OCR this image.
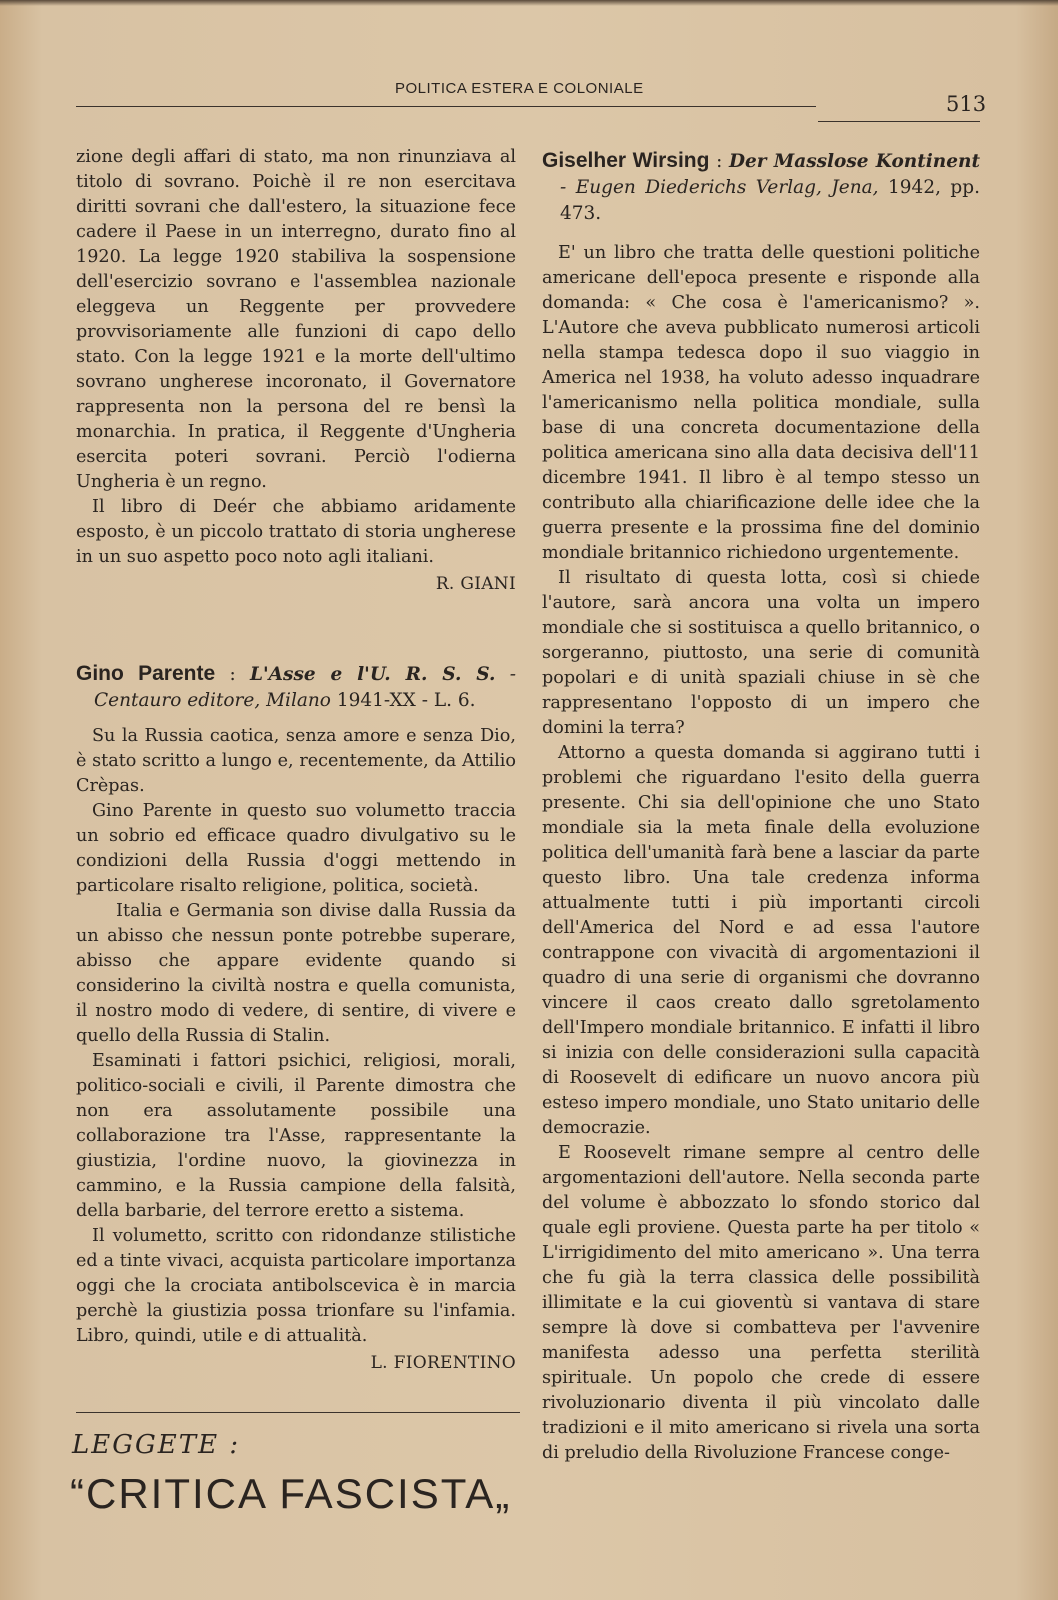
POLITICA ESTERA E COLONIALE
513

zione degli affari di stato, ma non rinunziava al titolo di sovrano. Poichè il re non esercitava diritti sovrani che dall'estero, la situazione fece cadere il Paese in un interregno, durato fino al 1920. La legge 1920 stabiliva la sospensione dell'esercizio sovrano e l'assemblea nazionale eleggeva un Reggente per provvedere provvisoriamente alle funzioni di capo dello stato. Con la legge 1921 e la morte dell'ultimo sovrano ungherese incoronato, il Governatore rappresenta non la persona del re bensì la monarchia. In pratica, il Reggente d'Ungheria esercita poteri sovrani. Perciò l'odierna Ungheria è un regno.

Il libro di Deér che abbiamo aridamente esposto, è un piccolo trattato di storia ungherese in un suo aspetto poco noto agli italiani.

R. GIANI

Gino Parente : L'Asse e l'U. R. S. S. - Centauro editore, Milano 1941-XX - L. 6.

Su la Russia caotica, senza amore e senza Dio, è stato scritto a lungo e, recentemente, da Attilio Crèpas.

Gino Parente in questo suo volumetto traccia un sobrio ed efficace quadro divulgativo su le condizioni della Russia d'oggi mettendo in particolare risalto religione, politica, società.

Italia e Germania son divise dalla Russia da un abisso che nessun ponte potrebbe superare, abisso che appare evidente quando si considerino la civiltà nostra e quella comunista, il nostro modo di vedere, di sentire, di vivere e quello della Russia di Stalin.

Esaminati i fattori psichici, religiosi, morali, politico-sociali e civili, il Parente dimostra che non era assolutamente possibile una collaborazione tra l'Asse, rappresentante la giustizia, l'ordine nuovo, la giovinezza in cammino, e la Russia campione della falsità, della barbarie, del terrore eretto a sistema.

Il volumetto, scritto con ridondanze stilistiche ed a tinte vivaci, acquista particolare importanza oggi che la crociata antibolscevica è in marcia perchè la giustizia possa trionfare su l'infamia. Libro, quindi, utile e di attualità.

L. FIORENTINO

Giselher Wirsing : Der Masslose Kontinent - Eugen Diederichs Verlag, Jena, 1942, pp. 473.

E' un libro che tratta delle questioni politiche americane dell'epoca presente e risponde alla domanda: « Che cosa è l'americanismo? ». L'Autore che aveva pubblicato numerosi articoli nella stampa tedesca dopo il suo viaggio in America nel 1938, ha voluto adesso inquadrare l'americanismo nella politica mondiale, sulla base di una concreta documentazione della politica americana sino alla data decisiva dell'11 dicembre 1941. Il libro è al tempo stesso un contributo alla chiarificazione delle idee che la guerra presente e la prossima fine del dominio mondiale britannico richiedono urgentemente.

Il risultato di questa lotta, così si chiede l'autore, sarà ancora una volta un impero mondiale che si sostituisca a quello britannico, o sorgeranno, piuttosto, una serie di comunità popolari e di unità spaziali chiuse in sè che rappresentano l'opposto di un impero che domini la terra?

Attorno a questa domanda si aggirano tutti i problemi che riguardano l'esito della guerra presente. Chi sia dell'opinione che uno Stato mondiale sia la meta finale della evoluzione politica dell'umanità farà bene a lasciar da parte questo libro. Una tale credenza informa attualmente tutti i più importanti circoli dell'America del Nord e ad essa l'autore contrappone con vivacità di argomentazioni il quadro di una serie di organismi che dovranno vincere il caos creato dallo sgretolamento dell'Impero mondiale britannico. E infatti il libro si inizia con delle considerazioni sulla capacità di Roosevelt di edificare un nuovo ancora più esteso impero mondiale, uno Stato unitario delle democrazie.

E Roosevelt rimane sempre al centro delle argomentazioni dell'autore. Nella seconda parte del volume è abbozzato lo sfondo storico dal quale egli proviene. Questa parte ha per titolo « L'irrigidimento del mito americano ». Una terra che fu già la terra classica delle possibilità illimitate e la cui gioventù si vantava di stare sempre là dove si combatteva per l'avvenire manifesta adesso una perfetta sterilità spirituale. Un popolo che crede di essere rivoluzionario diventa il più vincolato dalle tradizioni e il mito americano si rivela una sorta di preludio della Rivoluzione Francese conge-

LEGGETE :
“CRITICA FASCISTA„
